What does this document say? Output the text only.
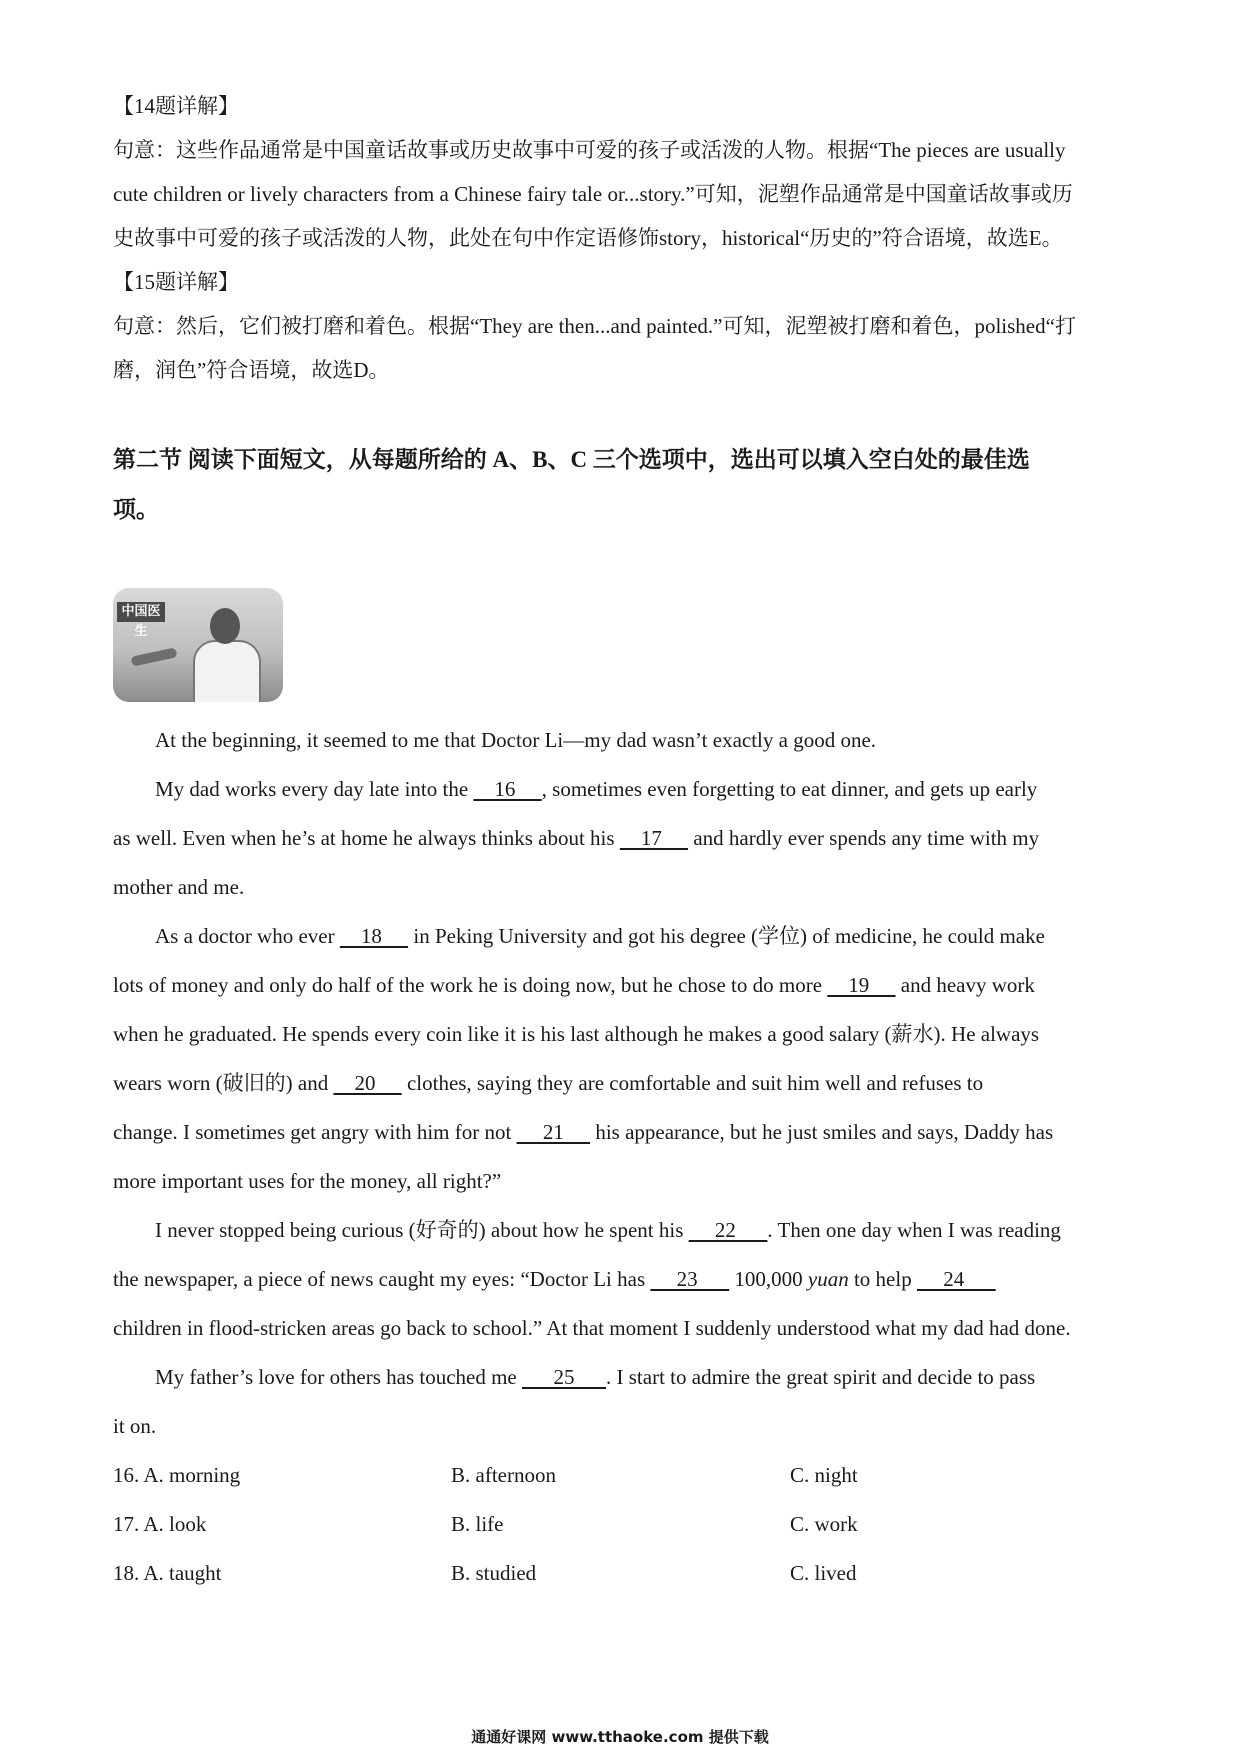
【14题详解】
句意：这些作品通常是中国童话故事或历史故事中可爱的孩子或活泼的人物。根据“The pieces are usually
cute children or lively characters from a Chinese fairy tale or...story.”可知，泥塑作品通常是中国童话故事或历
史故事中可爱的孩子或活泼的人物，此处在句中作定语修饰story，historical“历史的”符合语境，故选E。
【15题详解】
句意：然后，它们被打磨和着色。根据“They are then...and painted.”可知，泥塑被打磨和着色，polished“打
磨，润色”符合语境，故选D。
第二节 阅读下面短文，从每题所给的 A、B、C 三个选项中，选出可以填入空白处的最佳选
项。
中国医生
At the beginning, it seemed to me that Doctor Li—my dad wasn’t exactly a good one.
My dad works every day late into the     16     , sometimes even forgetting to eat dinner, and gets up early
as well. Even when he’s at home he always thinks about his     17      and hardly ever spends any time with my
mother and me.
As a doctor who ever     18      in Peking University and got his degree (学位) of medicine, he could make
lots of money and only do half of the work he is doing now, but he chose to do more     19      and heavy work
when he graduated. He spends every coin like it is his last although he makes a good salary (薪水). He always
wears worn (破旧的) and     20      clothes, saying they are comfortable and suit him well and refuses to
change. I sometimes get angry with him for not      21      his appearance, but he just smiles and says, Daddy has
more important uses for the money, all right?”
I never stopped being curious (好奇的) about how he spent his      22      . Then one day when I was reading
the newspaper, a piece of news caught my eyes: “Doctor Li has      23       100,000 yuan to help      24
children in flood-stricken areas go back to school.” At that moment I suddenly understood what my dad had done.
My father’s love for others has touched me       25      . I start to admire the great spirit and decide to pass
it on.
16. A. morning	B. afternoon	C. night
17. A. look	B. life	C. work
18. A. taught	B. studied	C. lived
通通好课网 www.tthaoke.com 提供下载
